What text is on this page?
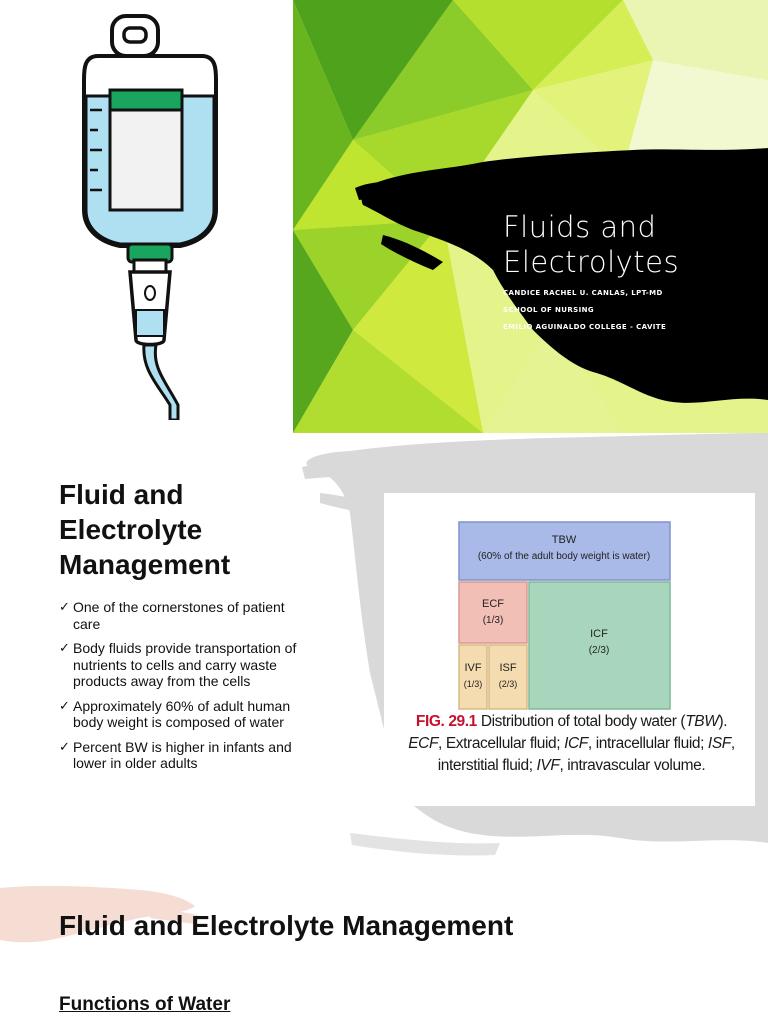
Fluids and
Electrolytes
CANDICE RACHEL U. CANLAS, LPT-MD
SCHOOL OF NURSING
EMILIO AGUINALDO COLLEGE - CAVITE
Fluid and
Electrolyte
Management
✓ One of the cornerstones of patient care
✓ Body fluids provide transportation of nutrients to cells and carry waste products away from the cells
✓ Approximately 60% of adult human body weight is composed of water
✓ Percent BW is higher in infants and lower in older adults
TBW
(60% of the adult body weight is water)
ECF
(1/3)
ICF
(2/3)
IVF
(1/3)
ISF
(2/3)
FIG. 29.1 Distribution of total body water (TBW). ECF, Extracellular fluid; ICF, intracellular fluid; ISF, interstitial fluid; IVF, intravascular volume.
Fluid and Electrolyte Management
Functions of Water
